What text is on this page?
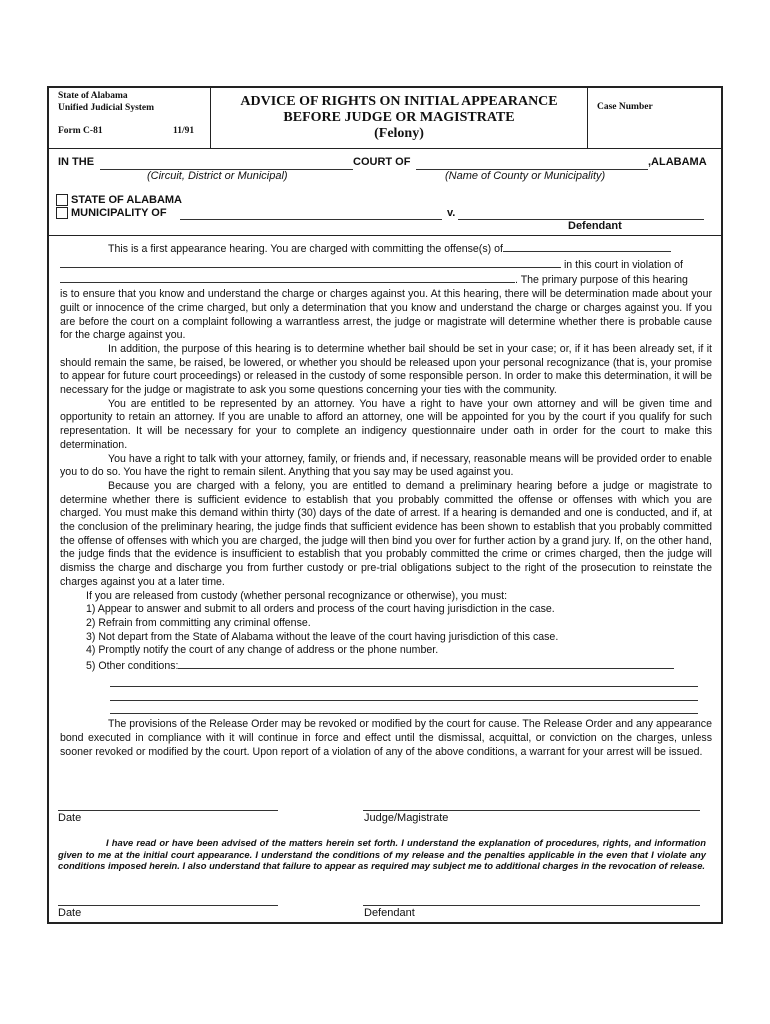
State of Alabama
Unified Judicial System
Form C-81	11/91
ADVICE OF RIGHTS ON INITIAL APPEARANCE
BEFORE JUDGE OR MAGISTRATE
(Felony)
Case Number
IN THE	COURT OF	,ALABAMA
(Circuit, District or Municipal)	(Name of County or Municipality)
STATE OF ALABAMA
MUNICIPALITY OF	v.
Defendant
This is a first appearance hearing. You are charged with committing the offense(s) of
in this court in violation of
. The primary purpose of this hearing

is to ensure that you know and understand the charge or charges against you. At this hearing, there will be determination made about your guilt or innocence of the crime charged, but only a determination that you know and understand the charge or charges against you. If you are before the court on a complaint following a warrantless arrest, the judge or magistrate will determine whether there is probable cause for the charge against you.

In addition, the purpose of this hearing is to determine whether bail should be set in your case; or, if it has been already set, if it should remain the same, be raised, be lowered, or whether you should be released upon your personal recognizance (that is, your promise to appear for future court proceedings) or released in the custody of some responsible person. In order to make this determination, it will be necessary for the judge or magistrate to ask you some questions concerning your ties with the community.

You are entitled to be represented by an attorney. You have a right to have your own attorney and will be given time and opportunity to retain an attorney. If you are unable to afford an attorney, one will be appointed for you by the court if you qualify for such representation. It will be necessary for your to complete an indigency questionnaire under oath in order for the court to make this determination.

You have a right to talk with your attorney, family, or friends and, if necessary, reasonable means will be provided order to enable you to do so. You have the right to remain silent. Anything that you say may be used against you.

Because you are charged with a felony, you are entitled to demand a preliminary hearing before a judge or magistrate to determine whether there is sufficient evidence to establish that you probably committed the offense or offenses with which you are charged. You must make this demand within thirty (30) days of the date of arrest. If a hearing is demanded and one is conducted, and if, at the conclusion of the preliminary hearing, the judge finds that sufficient evidence has been shown to establish that you probably committed the offense of offenses with which you are charged, the judge will then bind you over for further action by a grand jury. If, on the other hand, the judge finds that the evidence is insufficient to establish that you probably committed the crime or crimes charged, then the judge will dismiss the charge and discharge you from further custody or pre-trial obligations subject to the right of the prosecution to reinstate the charges against you at a later time.

If you are released from custody (whether personal recognizance or otherwise), you must:

1) Appear to answer and submit to all orders and process of the court having jurisdiction in the case.

2) Refrain from committing any criminal offense.

3) Not depart from the State of Alabama without the leave of the court having jurisdiction of this case.

4) Promptly notify the court of any change of address or the phone number.

5) Other conditions:

The provisions of the Release Order may be revoked or modified by the court for cause. The Release Order and any appearance bond executed in compliance with it will continue in force and effect until the dismissal, acquittal, or conviction on the charges, unless sooner revoked or modified by the court. Upon report of a violation of any of the above conditions, a warrant for your arrest will be issued.

Date	Judge/Magistrate
I have read or have been advised of the matters herein set forth. I understand the explanation of procedures, rights, and information given to me at the initial court appearance. I understand the conditions of my release and the penalties applicable in the even that I violate any conditions imposed herein. I also understand that failure to appear as required may subject me to additional charges in the revocation of release.
Date	Defendant
